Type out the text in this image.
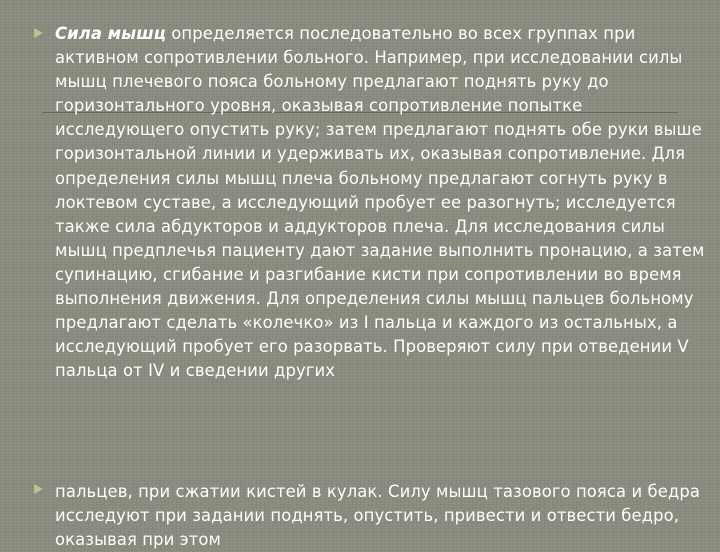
Сила мышц определяется последовательно во всех группах при активном сопротивлении больного. Например, при исследовании силы мышц плечевого пояса больному предлагают поднять руку до горизонтального уровня, оказывая сопротивление попытке исследующего опустить руку; затем предлагают поднять обе руки выше горизонтальной линии и удерживать их, оказывая сопротивление. Для определения силы мышц плеча больному предлагают согнуть руку в локтевом суставе, а исследующий пробует ее разогнуть; исследуется также сила абдукторов и аддукторов плеча. Для исследования силы мышц предплечья пациенту дают задание выполнить пронацию, а затем супинацию, сгибание и разгибание кисти при сопротивлении во время выполнения движения. Для определения силы мышц пальцев больному предлагают сделать «колечко» из I пальца и каждого из остальных, а исследующий пробует его разорвать. Проверяют силу при отведении V пальца от IV и сведении других

пальцев, при сжатии кистей в кулак. Силу мышц тазового пояса и бедра исследуют при задании поднять, опустить, привести и отвести бедро, оказывая при этом
